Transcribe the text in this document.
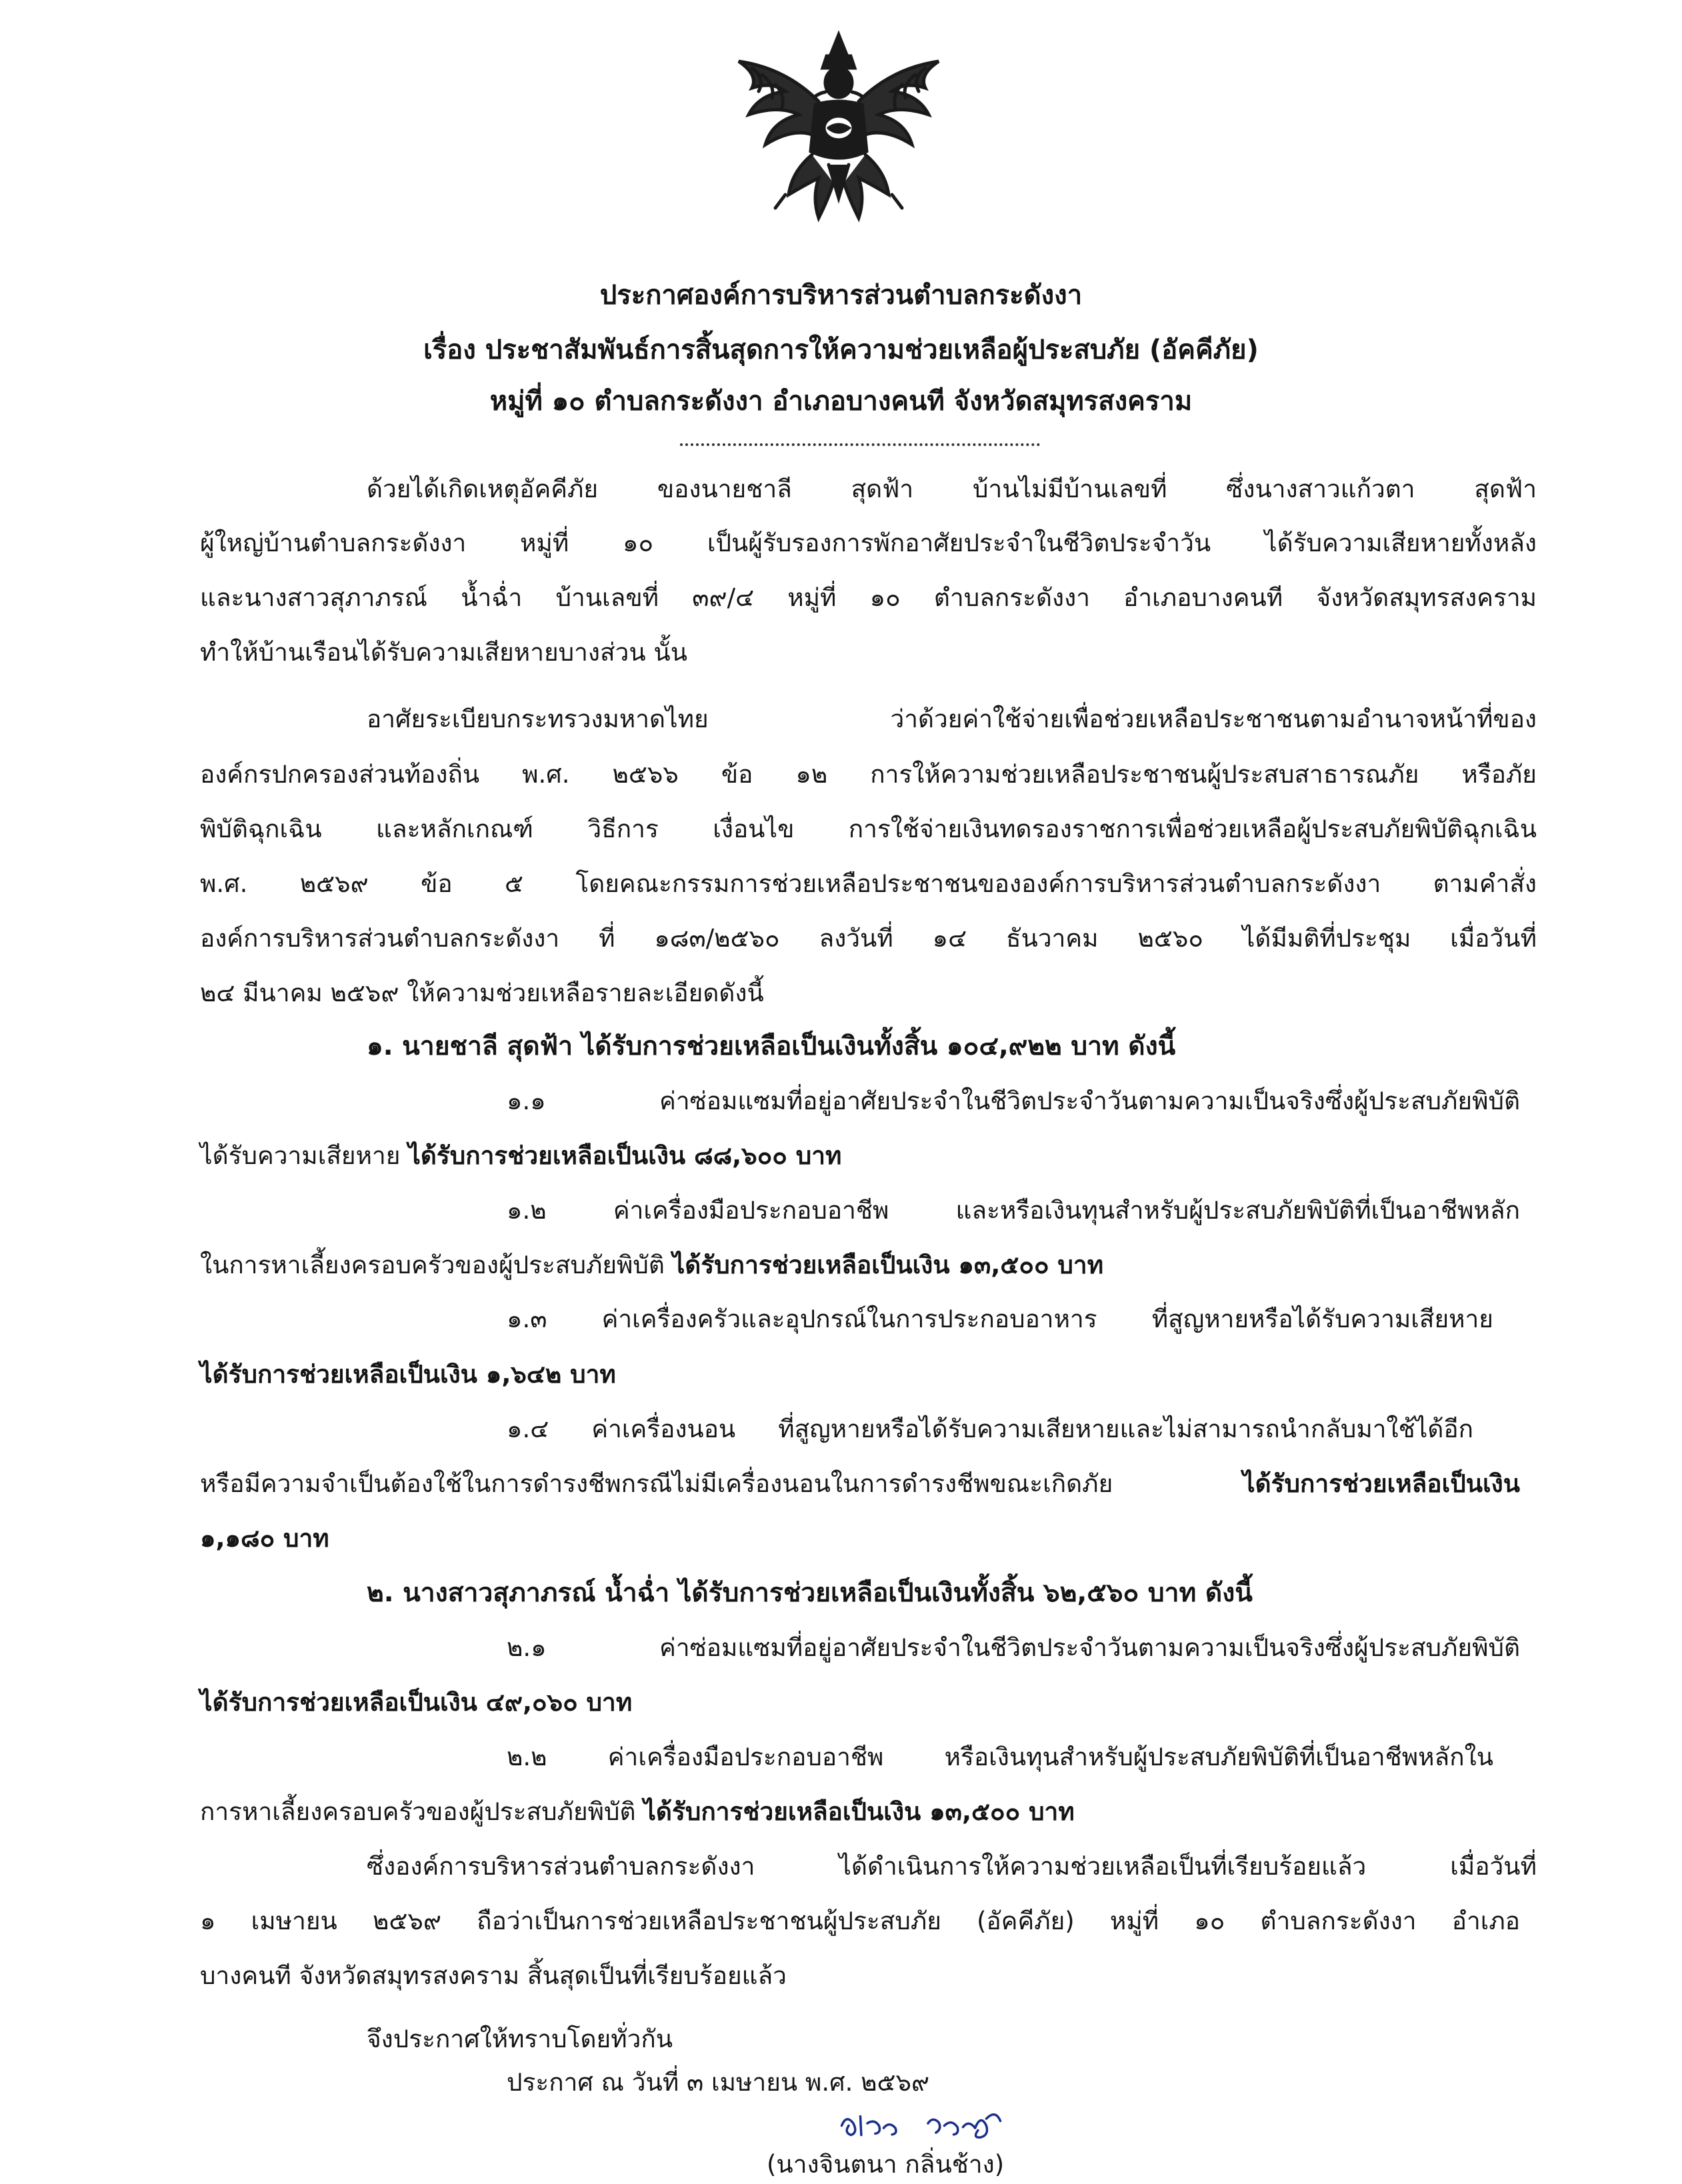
ประกาศองค์การบริหารส่วนตำบลกระดังงา
เรื่อง ประชาสัมพันธ์การสิ้นสุดการให้ความช่วยเหลือผู้ประสบภัย (อัคคีภัย)
หมู่ที่ ๑๐ ตำบลกระดังงา อำเภอบางคนที จังหวัดสมุทรสงคราม
ด้วยได้เกิดเหตุอัคคีภัย ของนายชาลี สุดฟ้า บ้านไม่มีบ้านเลขที่ ซึ่งนางสาวแก้วตา สุดฟ้า
ผู้ใหญ่บ้านตำบลกระดังงา หมู่ที่ ๑๐ เป็นผู้รับรองการพักอาศัยประจำในชีวิตประจำวัน ได้รับความเสียหายทั้งหลัง
และนางสาวสุภาภรณ์ น้ำฉ่ำ บ้านเลขที่ ๓๙/๔ หมู่ที่ ๑๐ ตำบลกระดังงา อำเภอบางคนที จังหวัดสมุทรสงคราม
ทำให้บ้านเรือนได้รับความเสียหายบางส่วน นั้น
อาศัยระเบียบกระทรวงมหาดไทย ว่าด้วยค่าใช้จ่ายเพื่อช่วยเหลือประชาชนตามอำนาจหน้าที่ของ
องค์กรปกครองส่วนท้องถิ่น พ.ศ. ๒๕๖๖ ข้อ ๑๒ การให้ความช่วยเหลือประชาชนผู้ประสบสาธารณภัย หรือภัย
พิบัติฉุกเฉิน และหลักเกณฑ์ วิธีการ เงื่อนไข การใช้จ่ายเงินทดรองราชการเพื่อช่วยเหลือผู้ประสบภัยพิบัติฉุกเฉิน
พ.ศ. ๒๕๖๙ ข้อ ๕ โดยคณะกรรมการช่วยเหลือประชาชนขององค์การบริหารส่วนตำบลกระดังงา ตามคำสั่ง
องค์การบริหารส่วนตำบลกระดังงา ที่ ๑๘๓/๒๕๖๐ ลงวันที่ ๑๔ ธันวาคม ๒๕๖๐ ได้มีมติที่ประชุม เมื่อวันที่
๒๔ มีนาคม ๒๕๖๙ ให้ความช่วยเหลือรายละเอียดดังนี้
๑. นายชาลี สุดฟ้า ได้รับการช่วยเหลือเป็นเงินทั้งสิ้น ๑๐๔,๙๒๒ บาท ดังนี้
๑.๑ ค่าซ่อมแซมที่อยู่อาศัยประจำในชีวิตประจำวันตามความเป็นจริงซึ่งผู้ประสบภัยพิบัติ
ได้รับความเสียหาย ได้รับการช่วยเหลือเป็นเงิน ๘๘,๖๐๐ บาท
๑.๒ ค่าเครื่องมือประกอบอาชีพ และหรือเงินทุนสำหรับผู้ประสบภัยพิบัติที่เป็นอาชีพหลัก
ในการหาเลี้ยงครอบครัวของผู้ประสบภัยพิบัติ ได้รับการช่วยเหลือเป็นเงิน ๑๓,๕๐๐ บาท
๑.๓ ค่าเครื่องครัวและอุปกรณ์ในการประกอบอาหาร ที่สูญหายหรือได้รับความเสียหาย
ได้รับการช่วยเหลือเป็นเงิน ๑,๖๔๒ บาท
๑.๔ ค่าเครื่องนอน ที่สูญหายหรือได้รับความเสียหายและไม่สามารถนำกลับมาใช้ได้อีก
หรือมีความจำเป็นต้องใช้ในการดำรงชีพกรณีไม่มีเครื่องนอนในการดำรงชีพขณะเกิดภัย ได้รับการช่วยเหลือเป็นเงิน
๑,๑๘๐ บาท
๒. นางสาวสุภาภรณ์ น้ำฉ่ำ ได้รับการช่วยเหลือเป็นเงินทั้งสิ้น ๖๒,๕๖๐ บาท ดังนี้
๒.๑ ค่าซ่อมแซมที่อยู่อาศัยประจำในชีวิตประจำวันตามความเป็นจริงซึ่งผู้ประสบภัยพิบัติ
ได้รับการช่วยเหลือเป็นเงิน ๔๙,๐๖๐ บาท
๒.๒ ค่าเครื่องมือประกอบอาชีพ หรือเงินทุนสำหรับผู้ประสบภัยพิบัติที่เป็นอาชีพหลักใน
การหาเลี้ยงครอบครัวของผู้ประสบภัยพิบัติ ได้รับการช่วยเหลือเป็นเงิน ๑๓,๕๐๐ บาท
ซึ่งองค์การบริหารส่วนตำบลกระดังงา ได้ดำเนินการให้ความช่วยเหลือเป็นที่เรียบร้อยแล้ว เมื่อวันที่
๑ เมษายน ๒๕๖๙ ถือว่าเป็นการช่วยเหลือประชาชนผู้ประสบภัย (อัคคีภัย) หมู่ที่ ๑๐ ตำบลกระดังงา อำเภอ
บางคนที จังหวัดสมุทรสงคราม สิ้นสุดเป็นที่เรียบร้อยแล้ว
จึงประกาศให้ทราบโดยทั่วกัน
ประกาศ ณ วันที่ ๓ เมษายน พ.ศ. ๒๕๖๙
(นางจินตนา กลิ่นช้าง)
